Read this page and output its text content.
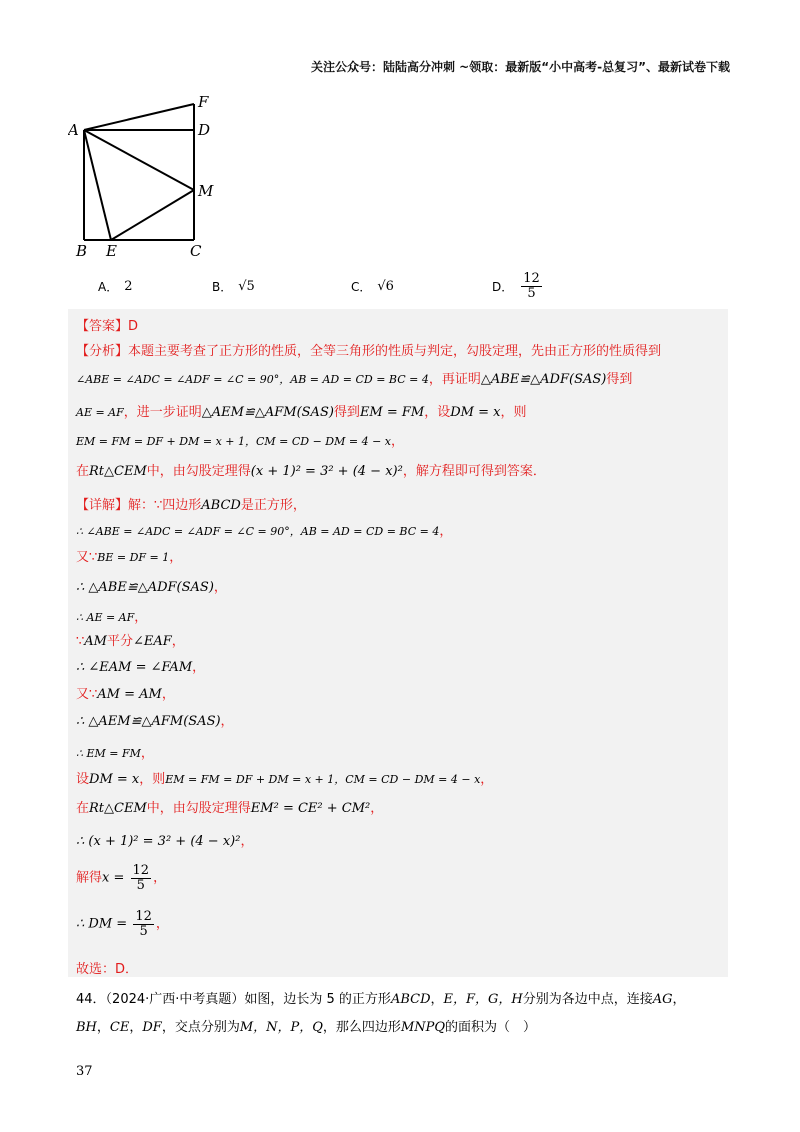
关注公众号：陆陆高分冲刺 ~领取：最新版“小中高考-总复习”、最新试卷下载
A	D
F
M
B E	C
A． 2	B． √5	C． √6	D． $\frac{12}{5}$
【答案】D
【分析】本题主要考查了正方形的性质，全等三角形的性质与判定，勾股定理，先由正方形的性质得到
∠ABE = ∠ADC = ∠ADF = ∠C = 90°，AB = AD = CD = BC = 4，再证明△ABE≌△ADF(SAS)得到
AE = AF，进一步证明△AEM≌△AFM(SAS)得到EM = FM，设DM = x，则
EM = FM = DF + DM = x + 1，CM = CD − DM = 4 − x，
在Rt△CEM中，由勾股定理得(x + 1)² = 3² + (4 − x)²，解方程即可得到答案．
【详解】解：∵四边形ABCD是正方形，
∴ ∠ABE = ∠ADC = ∠ADF = ∠C = 90°，AB = AD = CD = BC = 4，
又∵BE = DF = 1，
∴ △ABE≌△ADF(SAS)，
∴ AE = AF，
∵AM平分∠EAF，
∴ ∠EAM = ∠FAM，
又∵AM = AM，
∴ △AEM≌△AFM(SAS)，
∴ EM = FM，
设DM = x，则EM = FM = DF + DM = x + 1，CM = CD − DM = 4 − x，
在Rt△CEM中，由勾股定理得EM² = CE² + CM²，
∴ (x + 1)² = 3² + (4 − x)²，
解得$x = \frac{12}{5}$ ，
∴ DM = $\frac{12}{5}$ ，
故选：D．
44．（2024·广西·中考真题）如图，边长为 5 的正方形ABCD，E，F，G，H分别为各边中点，连接AG，
BH，CE，DF，交点分别为M，N，P，Q，那么四边形MNPQ的面积为（　）
37
